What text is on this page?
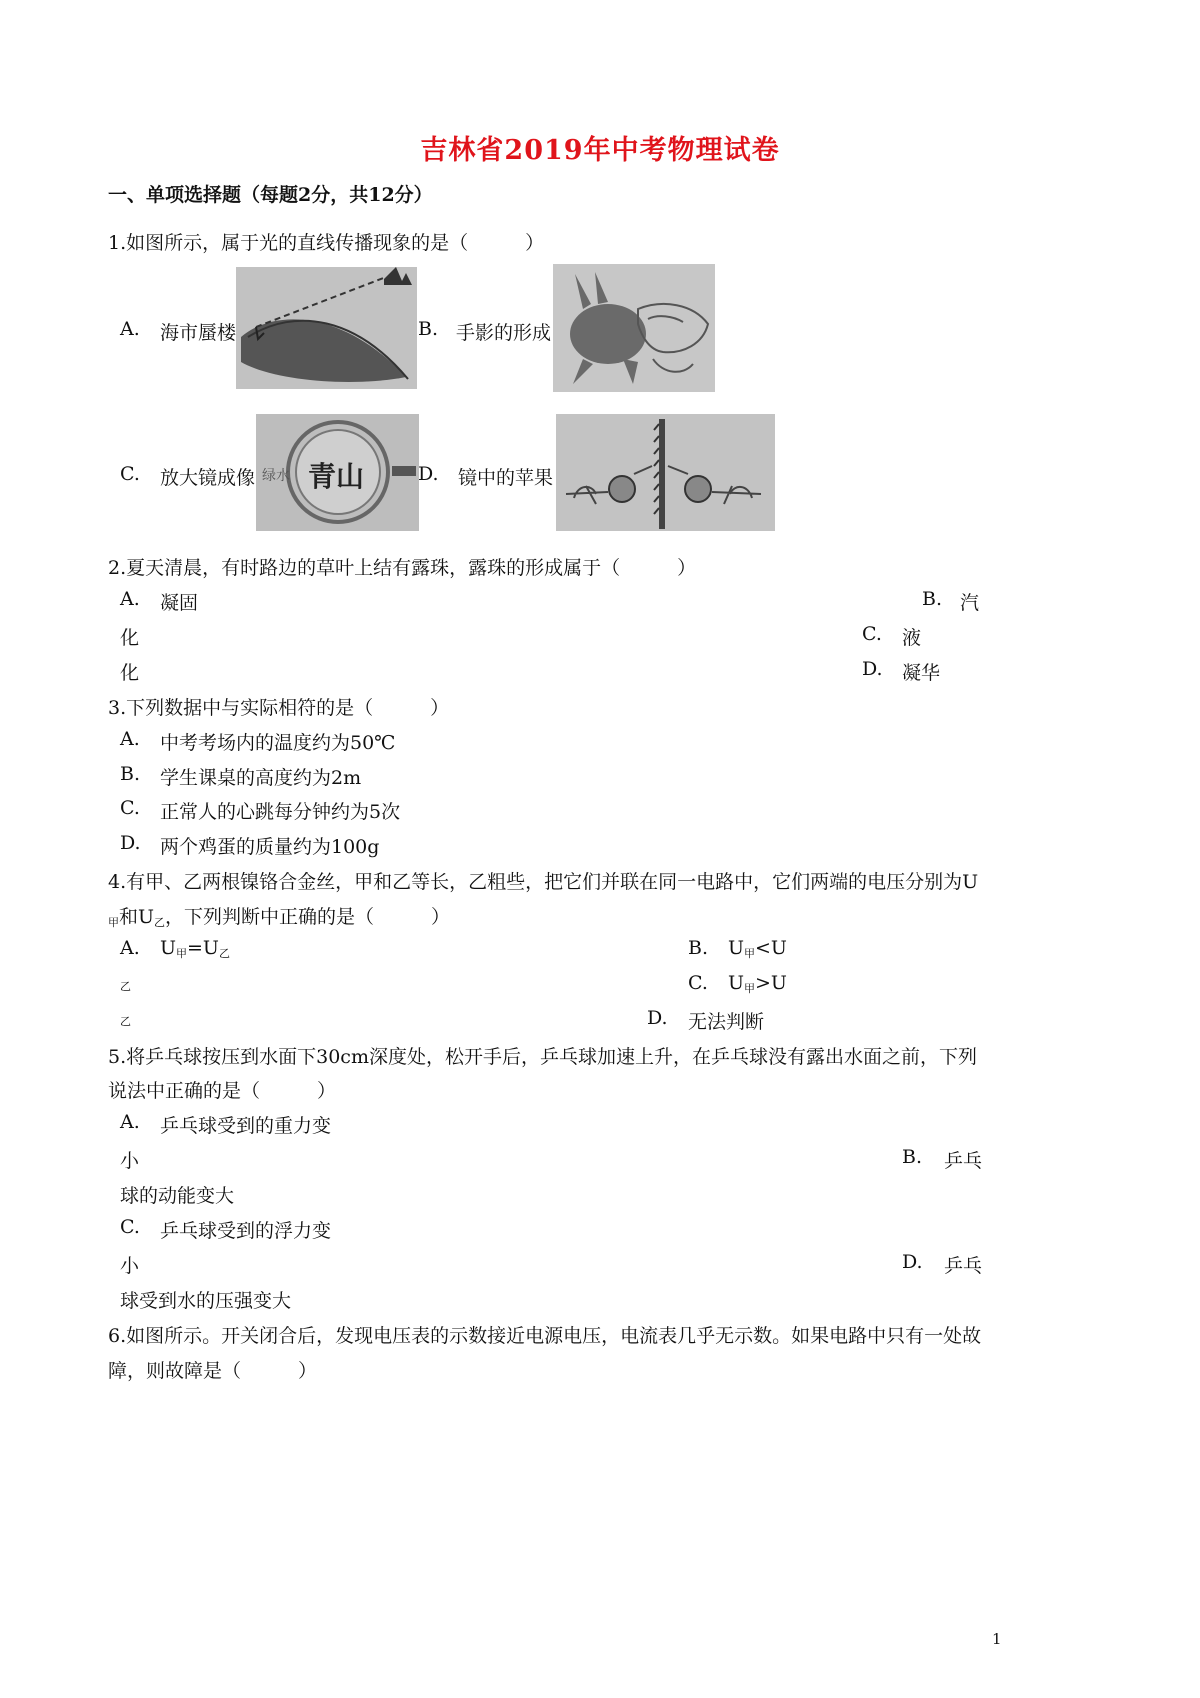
吉林省2019年中考物理试卷
一、单项选择题（每题2分，共12分）
1.如图所示，属于光的直线传播现象的是（　　　）
A. 海市蜃楼	B. 手影的形成
C. 放大镜成像 绿水 青山	D. 镜中的苹果
2.夏天清晨，有时路边的草叶上结有露珠，露珠的形成属于（　　　）
A. 凝固	B. 汽
化	C. 液
化	D. 凝华
3.下列数据中与实际相符的是（　　　）
A. 中考考场内的温度约为50℃
B. 学生课桌的高度约为2m
C. 正常人的心跳每分钟约为5次
D. 两个鸡蛋的质量约为100g
4.有甲、乙两根镍铬合金丝，甲和乙等长，乙粗些，把它们并联在同一电路中，它们两端的电压分别为U
$_甲$和$U_乙$，下列判断中正确的是（　　　）
A. $U_甲=U_乙$	B. $U_甲<U$
乙	C. $U_甲>U$
乙	D. 无法判断
5.将乒乓球按压到水面下30cm深度处，松开手后，乒乓球加速上升，在乒乓球没有露出水面之前，下列
说法中正确的是（　　　）
A. 乒乓球受到的重力变
小	B. 乒乓
球的动能变大
C. 乒乓球受到的浮力变
小	D. 乒乓
球受到水的压强变大
6.如图所示。开关闭合后，发现电压表的示数接近电源电压，电流表几乎无示数。如果电路中只有一处故
障，则故障是（　　　）
1
